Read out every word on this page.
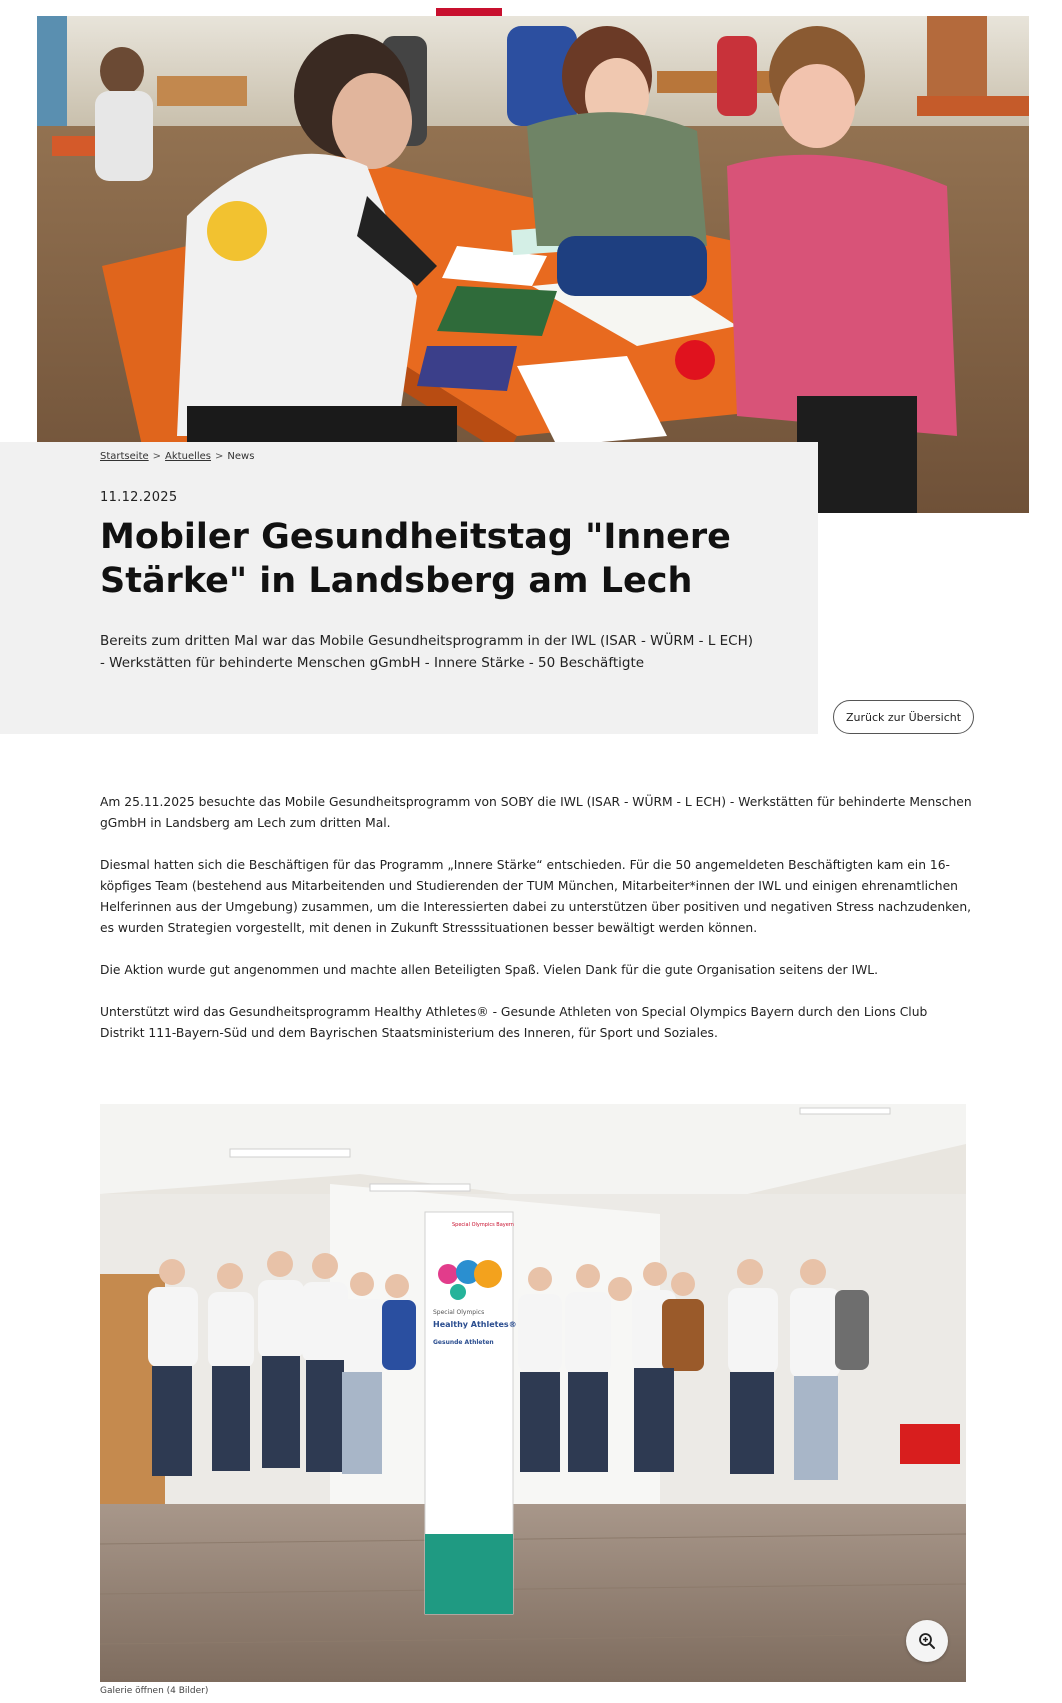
Startseite > Aktuelles > News
11.12.2025
Mobiler Gesundheitstag "Innere Stärke" in Landsberg am Lech

Bereits zum dritten Mal war das Mobile Gesundheitsprogramm in der IWL (ISAR - WÜRM - L ECH) - Werkstätten für behinderte Menschen gGmbH - Innere Stärke - 50 Beschäftigte

Zurück zur Übersicht

Am 25.11.2025 besuchte das Mobile Gesundheitsprogramm von SOBY die IWL (ISAR - WÜRM - L ECH) - Werkstätten für behinderte Menschen gGmbH in Landsberg am Lech zum dritten Mal.

Diesmal hatten sich die Beschäftigen für das Programm „Innere Stärke“ entschieden. Für die 50 angemeldeten Beschäftigten kam ein 16-köpfiges Team (bestehend aus Mitarbeitenden und Studierenden der TUM München, Mitarbeiter*innen der IWL und einigen ehrenamtlichen Helferinnen aus der Umgebung) zusammen, um die Interessierten dabei zu unterstützen über positiven und negativen Stress nachzudenken, es wurden Strategien vorgestellt, mit denen in Zukunft Stresssituationen besser bewältigt werden können.

Die Aktion wurde gut angenommen und machte allen Beteiligten Spaß. Vielen Dank für die gute Organisation seitens der IWL.

Unterstützt wird das Gesundheitsprogramm Healthy Athletes® - Gesunde Athleten von Special Olympics Bayern durch den Lions Club Distrikt 111-Bayern-Süd und dem Bayrischen Staatsministerium des Inneren, für Sport und Soziales.

Special Olympics
Healthy Athletes®
Gesunde Athleten
Special Olympics Bayern
Galerie öffnen (4 Bilder)
